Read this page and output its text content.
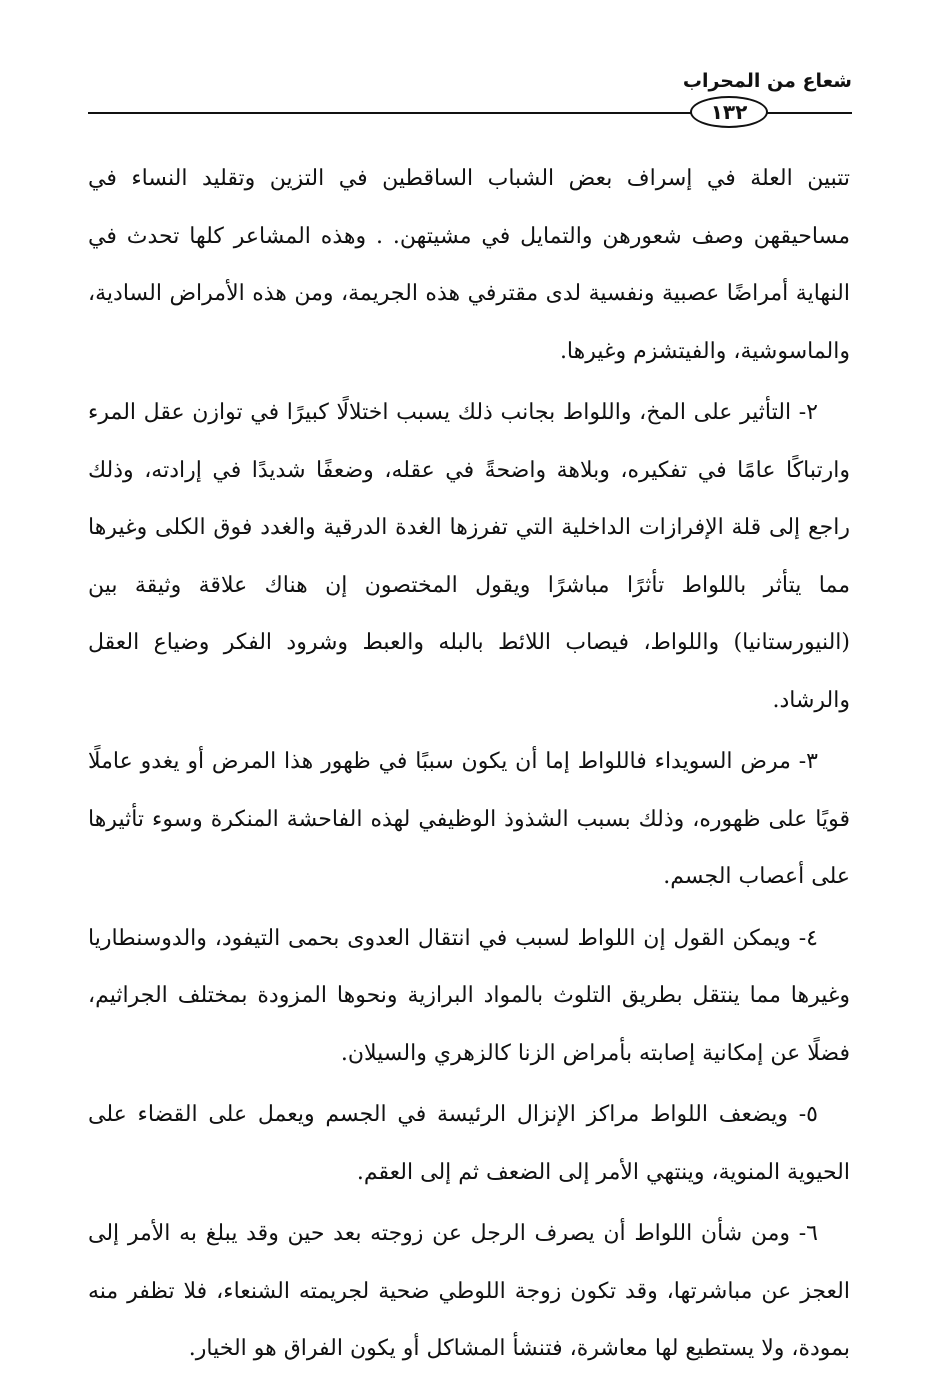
شعاع من المحراب
١٣٢

تتبين العلة في إسراف بعض الشباب الساقطين في التزين وتقليد النساء في مساحيقهن وصف شعورهن والتمايل في مشيتهن. . وهذه المشاعر كلها تحدث في النهاية أمراضًا عصبية ونفسية لدى مقترفي هذه الجريمة، ومن هذه الأمراض السادية، والماسوشية، والفيتشزم وغيرها.

٢- التأثير على المخ، واللواط بجانب ذلك يسبب اختلالًا كبيرًا في توازن عقل المرء وارتباكًا عامًا في تفكيره، وبلاهة واضحةً في عقله، وضعفًا شديدًا في إرادته، وذلك راجع إلى قلة الإفرازات الداخلية التي تفرزها الغدة الدرقية والغدد فوق الكلى وغيرها مما يتأثر باللواط تأثرًا مباشرًا ويقول المختصون إن هناك علاقة وثيقة بين (النيورستانيا) واللواط، فيصاب اللائط بالبله والعبط وشرود الفكر وضياع العقل والرشاد.

٣- مرض السويداء فاللواط إما أن يكون سببًا في ظهور هذا المرض أو يغدو عاملًا قويًا على ظهوره، وذلك بسبب الشذوذ الوظيفي لهذه الفاحشة المنكرة وسوء تأثيرها على أعصاب الجسم.

٤- ويمكن القول إن اللواط لسبب في انتقال العدوى بحمى التيفود، والدوسنطاريا وغيرها مما ينتقل بطريق التلوث بالمواد البرازية ونحوها المزودة بمختلف الجراثيم، فضلًا عن إمكانية إصابته بأمراض الزنا كالزهري والسيلان.

٥- ويضعف اللواط مراكز الإنزال الرئيسة في الجسم ويعمل على القضاء على الحيوية المنوية، وينتهي الأمر إلى الضعف ثم إلى العقم.

٦- ومن شأن اللواط أن يصرف الرجل عن زوجته بعد حين وقد يبلغ به الأمر إلى العجز عن مباشرتها، وقد تكون زوجة اللوطي ضحية لجريمته الشنعاء، فلا تظفر منه بمودة، ولا يستطيع لها معاشرة، فتنشأ المشاكل أو يكون الفراق هو الخيار.
